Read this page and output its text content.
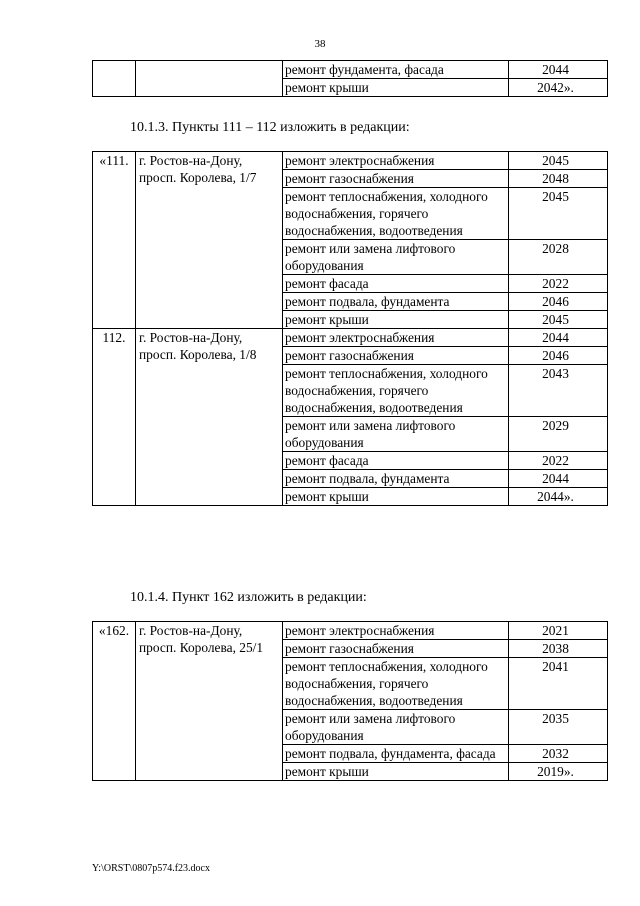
38
		ремонт фундамента, фасада	2044
		ремонт крыши	2042».
10.1.3. Пункты 111 – 112 изложить в редакции:
«111.	г. Ростов-на-Дону, просп. Королева, 1/7	ремонт электроснабжения	2045
		ремонт газоснабжения	2048
		ремонт теплоснабжения, холодного водоснабжения, горячего водоснабжения, водоотведения	2045
		ремонт или замена лифтового оборудования	2028
		ремонт фасада	2022
		ремонт подвала, фундамента	2046
		ремонт крыши	2045
112.	г. Ростов-на-Дону, просп. Королева, 1/8	ремонт электроснабжения	2044
		ремонт газоснабжения	2046
		ремонт теплоснабжения, холодного водоснабжения, горячего водоснабжения, водоотведения	2043
		ремонт или замена лифтового оборудования	2029
		ремонт фасада	2022
		ремонт подвала, фундамента	2044
		ремонт крыши	2044».
10.1.4. Пункт 162 изложить в редакции:
«162.	г. Ростов-на-Дону, просп. Королева, 25/1	ремонт электроснабжения	2021
		ремонт газоснабжения	2038
		ремонт теплоснабжения, холодного водоснабжения, горячего водоснабжения, водоотведения	2041
		ремонт или замена лифтового оборудования	2035
		ремонт подвала, фундамента, фасада	2032
		ремонт крыши	2019».
Y:\ORST\0807p574.f23.docx
